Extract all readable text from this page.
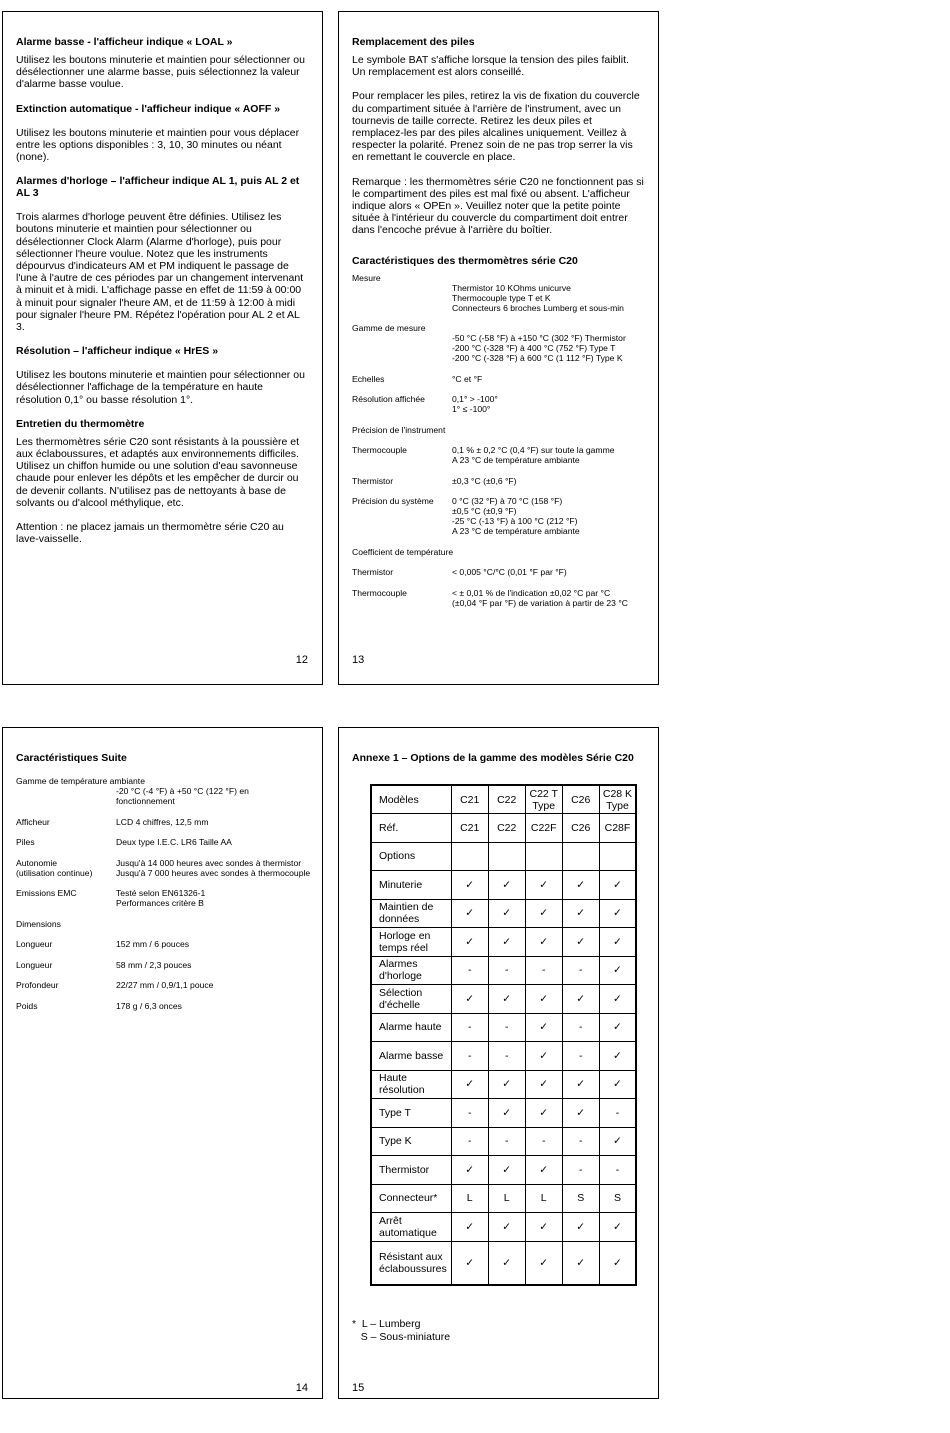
Alarme basse - l'afficheur indique « LOAL »
Utilisez les boutons minuterie et maintien pour sélectionner ou désélectionner une alarme basse, puis sélectionnez la valeur d'alarme basse voulue.
Extinction automatique - l'afficheur indique « AOFF »
Utilisez les boutons minuterie et maintien pour vous déplacer entre les options disponibles : 3, 10, 30 minutes ou néant (none).
Alarmes d'horloge – l'afficheur indique AL 1, puis AL 2 et AL 3
Trois alarmes d'horloge peuvent être définies. Utilisez les boutons minuterie et maintien pour sélectionner ou désélectionner Clock Alarm (Alarme d'horloge), puis pour sélectionner l'heure voulue. Notez que les instruments dépourvus d'indicateurs AM et PM indiquent le passage de l'une à l'autre de ces périodes par un changement intervenant à minuit et à midi. L'affichage passe en effet de 11:59 à 00:00 à minuit pour signaler l'heure AM, et de 11:59 à 12:00 à midi pour signaler l'heure PM. Répétez l'opération pour AL 2 et AL 3.
Résolution – l'afficheur indique « HrES »
Utilisez les boutons minuterie et maintien pour sélectionner ou désélectionner l'affichage de la température en haute résolution 0,1° ou basse résolution 1°.
Entretien du thermomètre
Les thermomètres série C20 sont résistants à la poussière et aux éclaboussures, et adaptés aux environnements difficiles. Utilisez un chiffon humide ou une solution d'eau savonneuse chaude pour enlever les dépôts et les empêcher de durcir ou de devenir collants. N'utilisez pas de nettoyants à base de solvants ou d'alcool méthylique, etc.
Attention : ne placez jamais un thermomètre série C20 au lave-vaisselle.
12
Remplacement des piles
Le symbole BAT s'affiche lorsque la tension des piles faiblit. Un remplacement est alors conseillé.
Pour remplacer les piles, retirez la vis de fixation du couvercle du compartiment située à l'arrière de l'instrument, avec un tournevis de taille correcte. Retirez les deux piles et remplacez-les par des piles alcalines uniquement. Veillez à respecter la polarité. Prenez soin de ne pas trop serrer la vis en remettant le couvercle en place.
Remarque : les thermomètres série C20 ne fonctionnent pas si le compartiment des piles est mal fixé ou absent. L'afficheur indique alors « OPEn ». Veuillez noter que la petite pointe située à l'intérieur du couvercle du compartiment doit entrer dans l'encoche prévue à l'arrière du boîtier.
Caractéristiques des thermomètres série C20
Mesure
Thermistor 10 KOhms unicurve
Thermocouple type T et K
Connecteurs 6 broches Lumberg et sous-min
Gamme de mesure
-50 °C (-58 °F) à +150 °C (302 °F) Thermistor
-200 °C (-328 °F) à 400 °C (752 °F) Type T
-200 °C (-328 °F) à 600 °C (1 112 °F) Type K
Echelles	°C et °F
Résolution affichée	0,1° > -100°
1° ≤ -100°
Précision de l'instrument
Thermocouple	0,1 % ± 0,2 °C (0,4 °F) sur toute la gamme
A 23 °C de température ambiante
Thermistor	±0,3 °C (±0,6 °F)
Précision du système 0 °C (32 °F) à 70 °C (158 °F)
±0,5 °C (±0,9 °F)
-25 °C (-13 °F) à 100 °C (212 °F)
A 23 °C de température ambiante
Coefficient de température
Thermistor	< 0,005 °C/°C (0,01 °F par °F)
Thermocouple	< ± 0,01 % de l'indication ±0,02 °C par °C
(±0,04 °F par °F) de variation à partir de 23 °C
13
Caractéristiques Suite
Gamme de température ambiante
-20 °C (-4 °F) à +50 °C (122 °F) en
fonctionnement
Afficheur	LCD 4 chiffres, 12,5 mm
Piles	Deux type I.E.C. LR6 Taille AA
Autonomie	Jusqu'à 14 000 heures avec sondes à thermistor
(utilisation continue)	Jusqu'à 7 000 heures avec sondes à thermocouple
Emissions EMC	Testé selon EN61326-1
Performances critère B
Dimensions
Longueur	152 mm / 6 pouces
Longueur	58 mm / 2,3 pouces
Profondeur	22/27 mm / 0,9/1,1 pouce
Poids	178 g / 6,3 onces
14
Annexe 1 – Options de la gamme des modèles Série C20
Modèles	C21	C22	C22 T Type	C26	C28 K Type
Réf.	C21	C22	C22F	C26	C28F
Options					
Minuterie	✓	✓	✓	✓	✓
Maintien de données	✓	✓	✓	✓	✓
Horloge en temps réel	✓	✓	✓	✓	✓
Alarmes d'horloge	-	-	-	-	✓
Sélection d'échelle	✓	✓	✓	✓	✓
Alarme haute	-	-	✓	-	✓
Alarme basse	-	-	✓	-	✓
Haute résolution	✓	✓	✓	✓	✓
Type T	-	✓	✓	✓	-
Type K	-	-	-	-	✓
Thermistor	✓	✓	✓	-	-
Connecteur*	L	L	L	S	S
Arrêt automatique	✓	✓	✓	✓	✓
Résistant aux éclaboussures	✓	✓	✓	✓	✓
*  L – Lumberg
S – Sous-miniature
15
